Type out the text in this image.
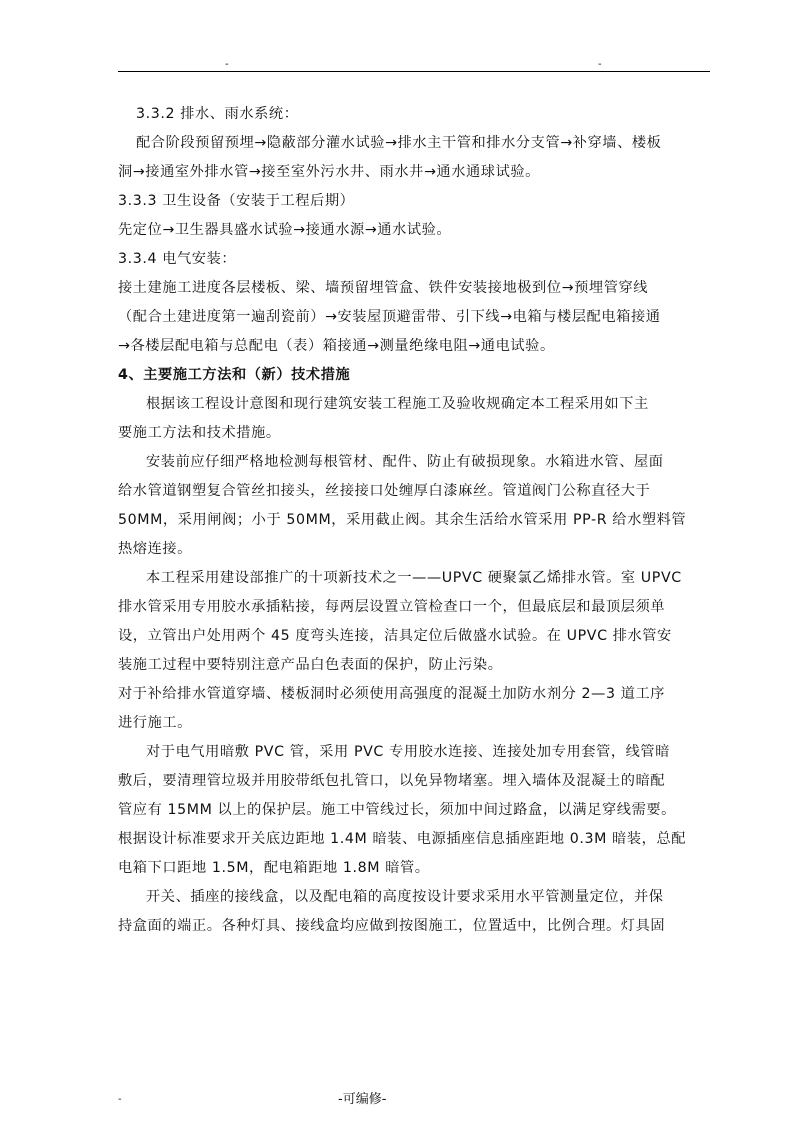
-	-

3.3.2 排水、雨水系统：

配合阶段预留预埋→隐蔽部分灌水试验→排水主干管和排水分支管→补穿墙、楼板

洞→接通室外排水管→接至室外污水井、雨水井→通水通球试验。

3.3.3 卫生设备（安装于工程后期）

先定位→卫生器具盛水试验→接通水源→通水试验。

3.3.4 电气安装：

接土建施工进度各层楼板、梁、墙预留埋管盒、铁件安装接地极到位→预埋管穿线

（配合土建进度第一遍刮瓷前）→安装屋顶避雷带、引下线→电箱与楼层配电箱接通

→各楼层配电箱与总配电（表）箱接通→测量绝缘电阻→通电试验。

4、主要施工方法和（新）技术措施

根据该工程设计意图和现行建筑安装工程施工及验收规确定本工程采用如下主

要施工方法和技术措施。

安装前应仔细严格地检测每根管材、配件、防止有破损现象。水箱进水管、屋面

给水管道钢塑复合管丝扣接头，丝接接口处缠厚白漆麻丝。管道阀门公称直径大于

50MM，采用闸阀；小于 50MM，采用截止阀。其余生活给水管采用 PP-R 给水塑料管

热熔连接。

本工程采用建设部推广的十项新技术之一——UPVC 硬聚氯乙烯排水管。室 UPVC

排水管采用专用胶水承插粘接，每两层设置立管检查口一个，但最底层和最顶层须单

设，立管出户处用两个 45 度弯头连接，洁具定位后做盛水试验。在 UPVC 排水管安

装施工过程中要特别注意产品白色表面的保护，防止污染。

对于补给排水管道穿墙、楼板洞时必须使用高强度的混凝土加防水剂分 2—3 道工序

进行施工。

对于电气用暗敷 PVC 管，采用 PVC 专用胶水连接、连接处加专用套管，线管暗

敷后，要清理管垃圾并用胶带纸包扎管口，以免异物堵塞。埋入墙体及混凝土的暗配

管应有 15MM 以上的保护层。施工中管线过长，须加中间过路盒，以满足穿线需要。

根据设计标准要求开关底边距地 1.4M 暗装、电源插座信息插座距地 0.3M 暗装，总配

电箱下口距地 1.5M，配电箱距地 1.8M 暗管。

开关、插座的接线盒，以及配电箱的高度按设计要求采用水平管测量定位，并保

持盒面的端正。各种灯具、接线盒均应做到按图施工，位置适中，比例合理。灯具固

-	-可编修-
